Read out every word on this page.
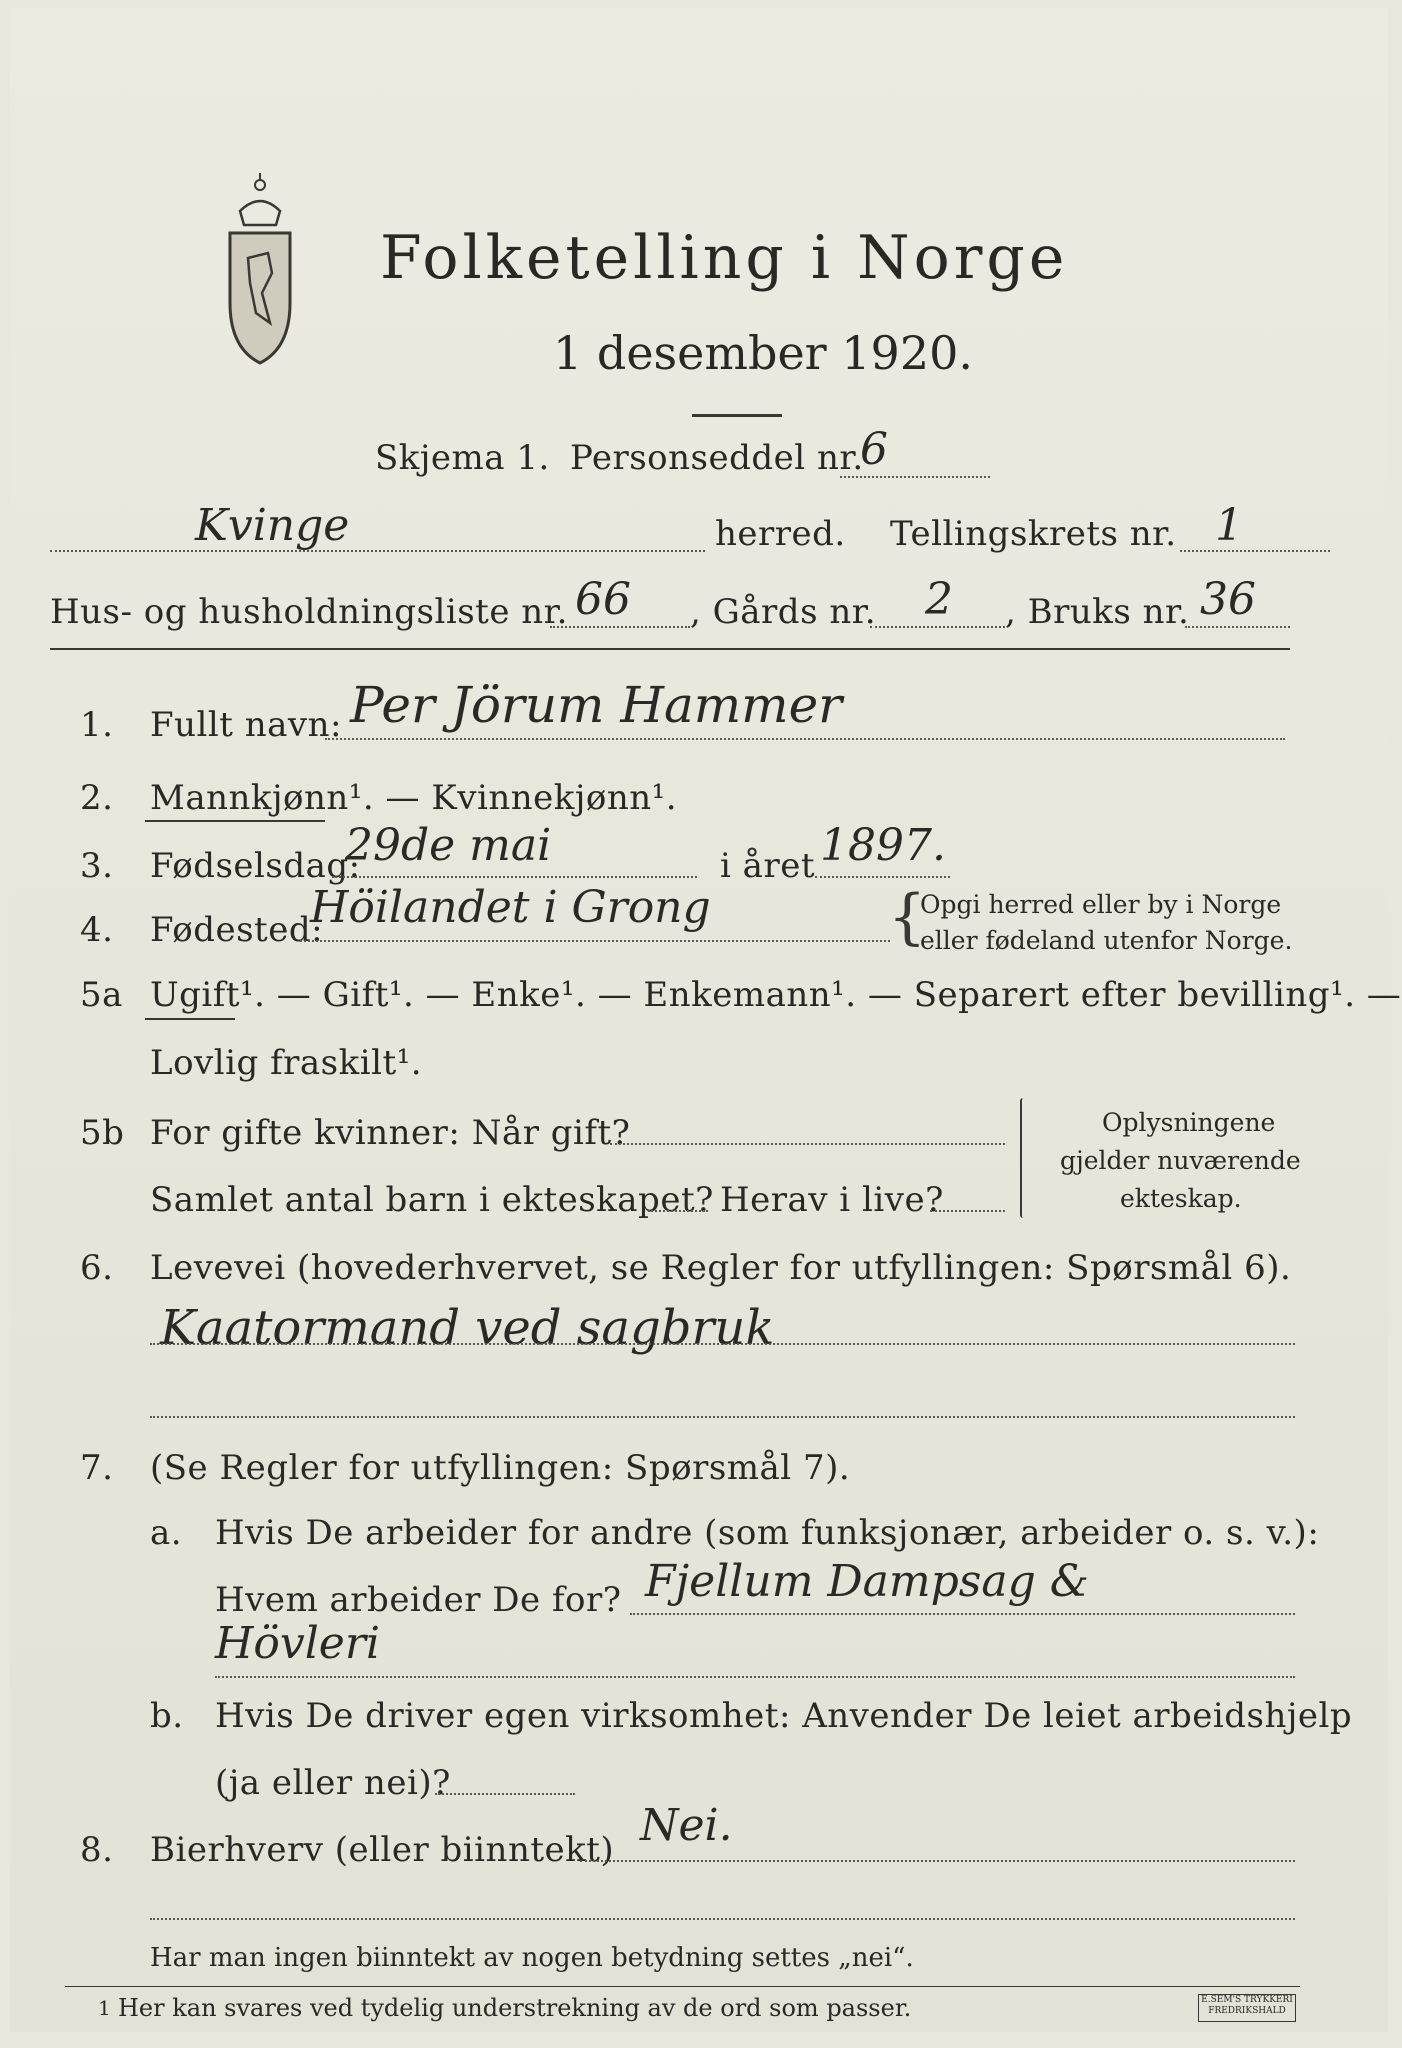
Folketelling i Norge
1 desember 1920.
Skjema 1. Personseddel nr.
6
Kvinge	herred. Tellingskrets nr. 1
Hus- og husholdningsliste nr. 66 , Gårds nr. 2 , Bruks nr. 36
1. Fullt navn: Per Jörum Hammer
2. Mannkjønn¹. — Kvinnekjønn¹.
3. Fødselsdag:
29de mai	i året 1897.
4. Fødested:
Höilandet i Grong	{
Opgi herred eller by i Norge
eller fødeland utenfor Norge.
5a Ugift¹. — Gift¹. — Enke¹. — Enkemann¹. — Separert efter bevilling¹. —
Lovlig fraskilt¹.
5b For gifte kvinner: Når gift?
Samlet antal barn i ekteskapet? Herav i live?
Oplysningene
gjelder nuværende
ekteskap.
6. Levevei (hovederhvervet, se Regler for utfyllingen: Spørsmål 6).
Kaatormand ved sagbruk
7. (Se Regler for utfyllingen: Spørsmål 7).
a. Hvis De arbeider for andre (som funksjonær, arbeider o. s. v.):
Hvem arbeider De for? Fjellum Dampsag &
Hövleri
b. Hvis De driver egen virksomhet: Anvender De leiet arbeidshjelp
(ja eller nei)?
8. Bierhverv (eller biinntekt) Nei.
Har man ingen biinntekt av nogen betydning settes „nei“.
1 Her kan svares ved tydelig understrekning av de ord som passer.	E.SEM'S TRYKKERI
FREDRIKSHALD
